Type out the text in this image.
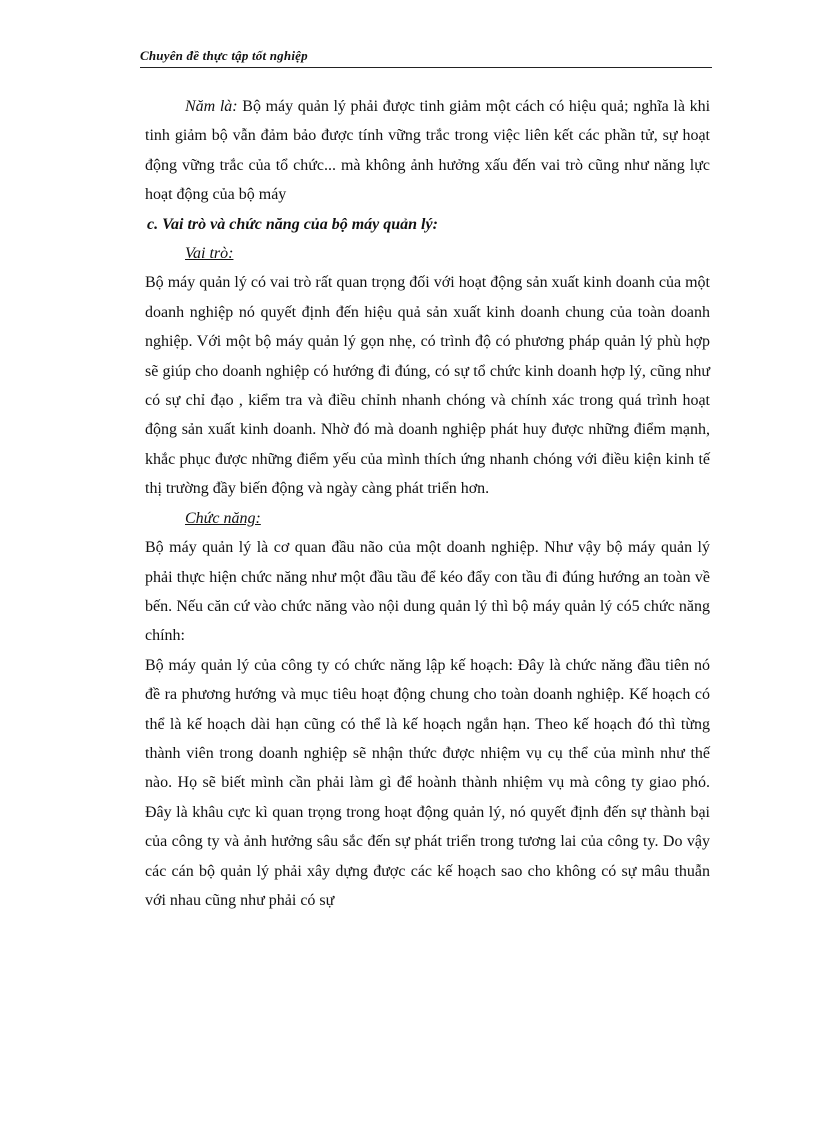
Chuyên đề thực tập tốt nghiệp

Năm là: Bộ máy quản lý phải được tinh giảm một cách có hiệu quả; nghĩa là khi tinh giảm bộ vẫn đảm bảo được tính vững trắc trong việc liên kết các phần tử, sự hoạt động vững trắc của tổ chức... mà không ảnh hưởng xấu đến vai trò cũng như năng lực hoạt động của bộ máy

c. Vai trò và chức năng của bộ máy quản lý:

Vai trò:

Bộ máy quản lý có vai trò rất quan trọng đối với hoạt động sản xuất kinh doanh của một doanh nghiệp nó quyết định đến hiệu quả sản xuất kinh doanh chung của toàn doanh nghiệp. Với một bộ máy quản lý gọn nhẹ, có trình độ có phương pháp quản lý phù hợp sẽ giúp cho doanh nghiệp có hướng đi đúng, có sự tổ chức kinh doanh hợp lý, cũng như có sự chỉ đạo , kiểm tra và điều chỉnh nhanh chóng và chính xác trong quá trình hoạt động sản xuất kinh doanh. Nhờ đó mà doanh nghiệp phát huy được những điểm mạnh, khắc phục được những điểm yếu của mình thích ứng nhanh chóng với điều kiện kinh tế thị trường đầy biến động và ngày càng phát triển hơn.

Chức năng:

Bộ máy quản lý là cơ quan đầu não của một doanh nghiệp. Như vậy bộ máy quản lý phải thực hiện chức năng như một đầu tầu để kéo đẩy con tầu đi đúng hướng an toàn về bến. Nếu căn cứ vào chức năng vào nội dung quản lý thì bộ máy quản lý có5 chức năng chính:

Bộ máy quản lý của công ty có chức năng lập kế hoạch: Đây là chức năng đầu tiên nó đề ra phương hướng và mục tiêu hoạt động chung cho toàn doanh nghiệp. Kế hoạch có thể là kế hoạch dài hạn cũng có thể là kế hoạch ngắn hạn. Theo kế hoạch đó thì từng thành viên trong doanh nghiệp sẽ nhận thức được nhiệm vụ cụ thể của mình như thế nào. Họ sẽ biết mình cần phải làm gì để hoành thành nhiệm vụ mà công ty giao phó. Đây là khâu cực kì quan trọng trong hoạt động quản lý, nó quyết định đến sự thành bại của công ty và ảnh hưởng sâu sắc đến sự phát triển trong tương lai của công ty. Do vậy các cán bộ quản lý phải xây dựng được các kế hoạch sao cho không có sự mâu thuẫn với nhau cũng như phải có sự
